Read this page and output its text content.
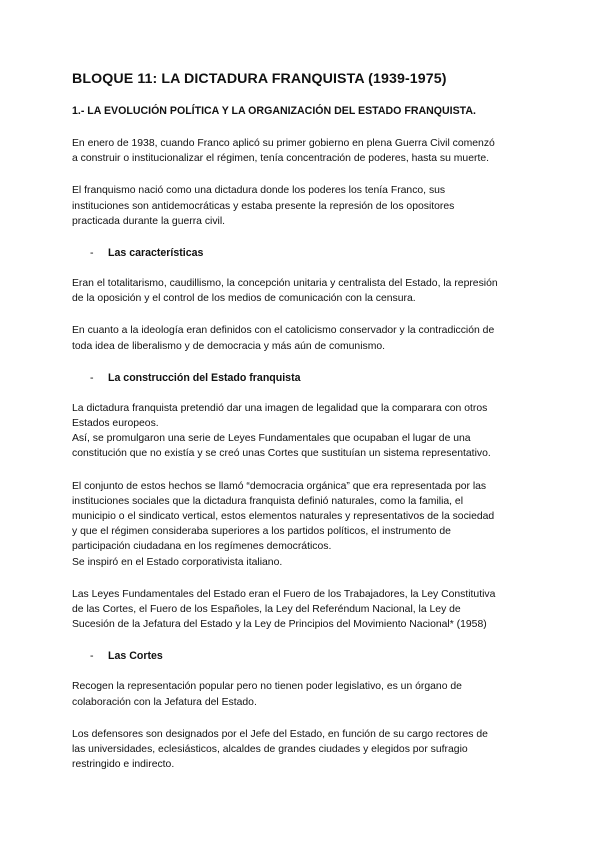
BLOQUE 11: LA DICTADURA FRANQUISTA (1939-1975)
1.- LA EVOLUCIÓN POLÍTICA Y LA ORGANIZACIÓN DEL ESTADO FRANQUISTA.

En enero de 1938, cuando Franco aplicó su primer gobierno en plena Guerra Civil comenzó
a construir o institucionalizar el régimen, tenía concentración de poderes, hasta su muerte.

El franquismo nació como una dictadura donde los poderes los tenía Franco, sus
instituciones son antidemocráticas y estaba presente la represión de los opositores
practicada durante la guerra civil.

-	Las características

Eran el totalitarismo, caudillismo, la concepción unitaria y centralista del Estado, la represión
de la oposición y el control de los medios de comunicación con la censura.

En cuanto a la ideología eran definidos con el catolicismo conservador y la contradicción de
toda idea de liberalismo y de democracia y más aún de comunismo.

-	La construcción del Estado franquista

La dictadura franquista pretendió dar una imagen de legalidad que la comparara con otros
Estados europeos.
Así, se promulgaron una serie de Leyes Fundamentales que ocupaban el lugar de una
constitución que no existía y se creó unas Cortes que sustituían un sistema representativo.

El conjunto de estos hechos se llamó “democracia orgánica” que era representada por las
instituciones sociales que la dictadura franquista definió naturales, como la familia, el
municipio o el sindicato vertical, estos elementos naturales y representativos de la sociedad
y que el régimen consideraba superiores a los partidos políticos, el instrumento de
participación ciudadana en los regímenes democráticos.
Se inspiró en el Estado corporativista italiano.

Las Leyes Fundamentales del Estado eran el Fuero de los Trabajadores, la Ley Constitutiva
de las Cortes, el Fuero de los Españoles, la Ley del Referéndum Nacional, la Ley de
Sucesión de la Jefatura del Estado y la Ley de Principios del Movimiento Nacional* (1958)

-	Las Cortes

Recogen la representación popular pero no tienen poder legislativo, es un órgano de
colaboración con la Jefatura del Estado.

Los defensores son designados por el Jefe del Estado, en función de su cargo rectores de
las universidades, eclesiásticos, alcaldes de grandes ciudades y elegidos por sufragio
restringido e indirecto.
